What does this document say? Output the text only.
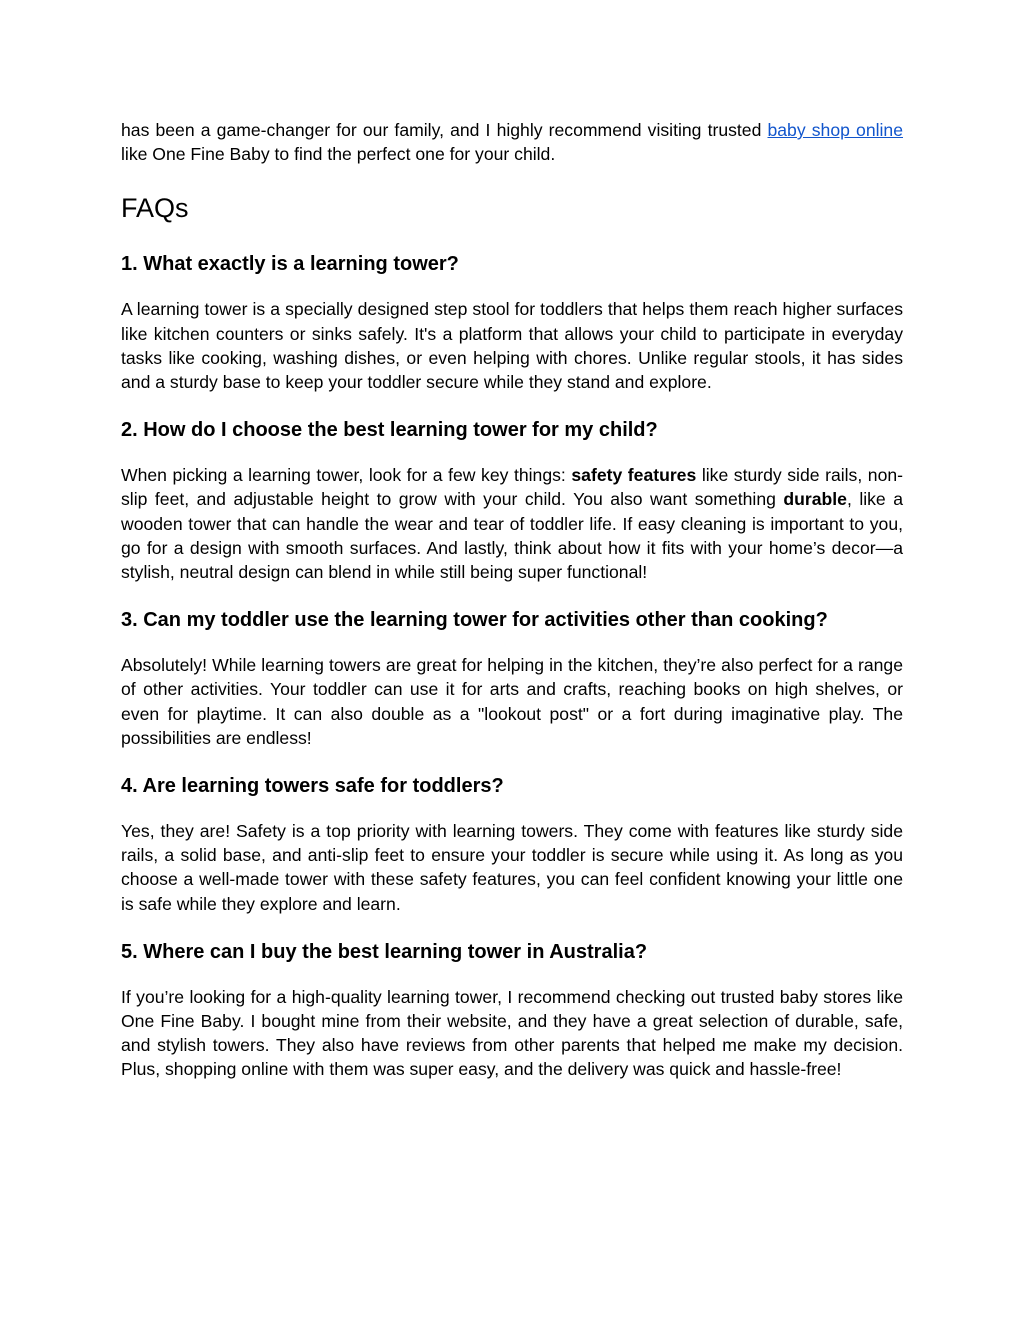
has been a game-changer for our family, and I highly recommend visiting trusted baby shop online like One Fine Baby to find the perfect one for your child.

FAQs
1. What exactly is a learning tower?

A learning tower is a specially designed step stool for toddlers that helps them reach higher surfaces like kitchen counters or sinks safely. It's a platform that allows your child to participate in everyday tasks like cooking, washing dishes, or even helping with chores. Unlike regular stools, it has sides and a sturdy base to keep your toddler secure while they stand and explore.

2. How do I choose the best learning tower for my child?

When picking a learning tower, look for a few key things: safety features like sturdy side rails, non-slip feet, and adjustable height to grow with your child. You also want something durable, like a wooden tower that can handle the wear and tear of toddler life. If easy cleaning is important to you, go for a design with smooth surfaces. And lastly, think about how it fits with your home’s decor—a stylish, neutral design can blend in while still being super functional!

3. Can my toddler use the learning tower for activities other than cooking?

Absolutely! While learning towers are great for helping in the kitchen, they’re also perfect for a range of other activities. Your toddler can use it for arts and crafts, reaching books on high shelves, or even for playtime. It can also double as a "lookout post" or a fort during imaginative play. The possibilities are endless!

4. Are learning towers safe for toddlers?

Yes, they are! Safety is a top priority with learning towers. They come with features like sturdy side rails, a solid base, and anti-slip feet to ensure your toddler is secure while using it. As long as you choose a well-made tower with these safety features, you can feel confident knowing your little one is safe while they explore and learn.

5. Where can I buy the best learning tower in Australia?

If you’re looking for a high-quality learning tower, I recommend checking out trusted baby stores like One Fine Baby. I bought mine from their website, and they have a great selection of durable, safe, and stylish towers. They also have reviews from other parents that helped me make my decision. Plus, shopping online with them was super easy, and the delivery was quick and hassle-free!
